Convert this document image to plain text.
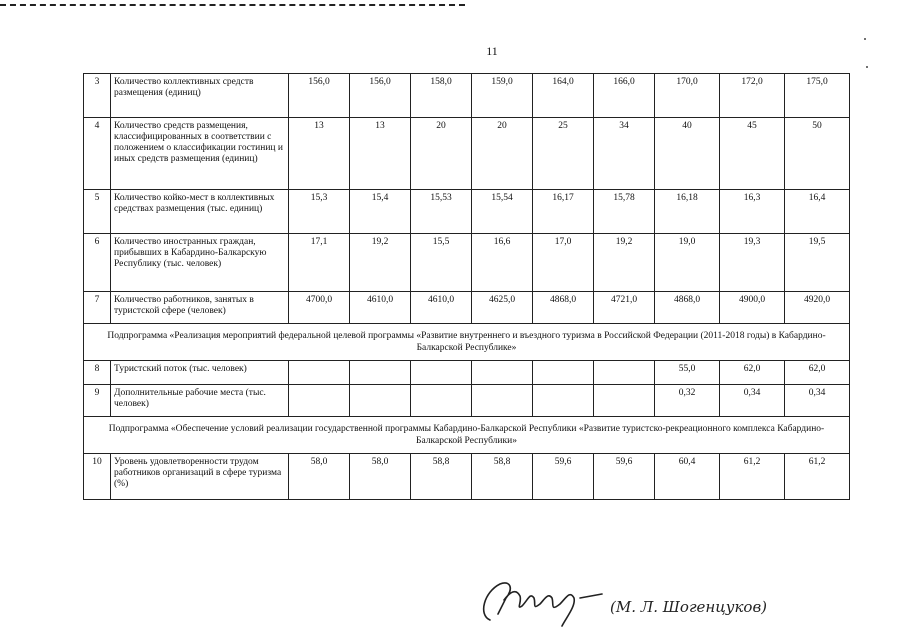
11
3	Количество коллективных средств размещения (единиц)	156,0	156,0	158,0	159,0	164,0	166,0	170,0	172,0	175,0
4	Количество средств размещения, классифицированных в соответствии с положением о классификации гостиниц и иных средств размещения (единиц)	13	13	20	20	25	34	40	45	50
5	Количество койко-мест в коллективных средствах размещения (тыс. единиц)	15,3	15,4	15,53	15,54	16,17	15,78	16,18	16,3	16,4
6	Количество иностранных граждан, прибывших в Кабардино-Балкарскую Республику (тыс. человек)	17,1	19,2	15,5	16,6	17,0	19,2	19,0	19,3	19,5
7	Количество работников, занятых в туристской сфере (человек)	4700,0	4610,0	4610,0	4625,0	4868,0	4721,0	4868,0	4900,0	4920,0
Подпрограмма «Реализация мероприятий федеральной целевой программы «Развитие внутреннего и въездного туризма в Российской Федерации (2011-2018 годы) в Кабардино-Балкарской Республике»										
8	Туристский поток (тыс. человек)							55,0	62,0	62,0
9	Дополнительные рабочие места (тыс. человек)							0,32	0,34	0,34
Подпрограмма «Обеспечение условий реализации государственной программы Кабардино-Балкарской Республики «Развитие туристско-рекреационного комплекса Кабардино-Балкарской Республики»										
10	Уровень удовлетворенности трудом работников организаций в сфере туризма (%)	58,0	58,0	58,8	58,8	59,6	59,6	60,4	61,2	61,2
(М. Л. Шогенцуков)
